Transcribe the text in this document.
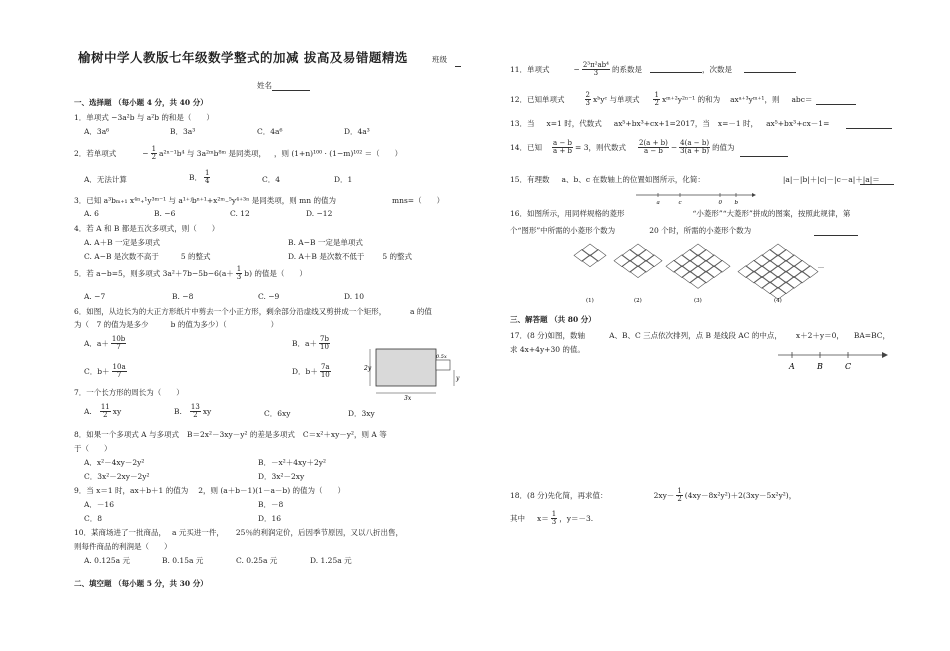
榆树中学人教版七年级数学整式的加减 拔高及易错题精选	班级
姓名
一、选择题 （每小题 4 分，共 40 分）
1．单项式 −3a²b 与 a²b 的和是（　　）
A．3a⁶	B．3a³	C．4a⁶	D．4a³
2．若单项式	− $\frac{1}{2} a^{2n-1}b^4$ 与 3a²ᵐb⁸ᵐ 是同类项， ，则 (1+n)¹⁰⁰ · (1−m)¹⁰² ＝（　　）
A．无法计算	B． $\frac{1}{4}$	C．4	D．1
3．已知 a³bₘ₊₁ x⁴ⁿ₊¹y³ᵐ⁻¹ 与 a¹⁺ʲbⁿ⁺¹+x²ᵐ₋⁵y⁴⁺³ⁿ 是同类项，则 mn 的值为	mns=（　　）
A. 6	B. −6	C. 12	D. −12
4．若 A 和 B 都是五次多项式，则（　　）
A. A＋B 一定是多项式	B. A−B 一定是单项式
C. A−B 是次数不高于	5 的整式	D. A＋B 是次数不低于 5 的整式
5．若 a−b=5，则多项式 $3a^2+7b-5b-6(a+ \frac{1}{3} b)$ 的值是（　　）
A. −7	B. −8	C. −9	D. 10
6．如图，从边长为的大正方形纸片中剪去一个小正方形，剩余部分沿虚线又剪拼成一个矩形，	a 的值
为（　7 的值为是多少	b 的值为多少）（	）
A．$a+ \frac{10b}{7}$	B．$a+ \frac{7b}{10}$
C．$b+ \frac{10a}{7}$	D．$b+ \frac{7a}{10}$	2y
0.5x
y
3x
7．一个长方形的周长为（　　）
A. $\frac{11}{2}$ xy	B. $\frac{13}{2}$ xy	C．6xy	D．3xy
8．如果一个多项式 A 与多项式 B＝2x²－3xy－y² 的差是多项式 C＝x²＋xy－y²，则 A 等
于（　　）
A．x²－4xy－2y²	B．－x²＋4xy＋2y²
C．3x²－2xy－2y²	D．3x²－2xy
9．当 x＝1 时，ax＋b＋1 的值为 2，则 (a＋b－1)(1－a－b) 的值为（　　）
A．－16	B．－8
C．8	D．16
10．某商场进了一批商品， a 元买进一件， 25％的利润定价，后因季节原因，又以八折出售，
则每件商品的利润是（　　）
A. 0.125a 元	B. 0.15a 元	C. 0.25a 元	D. 1.25a 元
二、填空题 （每小题 5 分，共 30 分）
11．单项式	− $\frac{\text{2³π²ab⁴}}{3}$ 的系数是	，次数是
12．已知单项式	$\frac{2}{3}$ xᵇyᶜ 与单项式 $\frac{1}{2}$ xᵐ⁺²y²ⁿ⁻¹ 的和为 axᵃ⁺³yᵐ⁺¹，则 abc＝
13．当 x=1 时，代数式 ax⁵+bx³+cx+1=2017，当 x=－1 时， ax⁵+bx³+cx－1=
14．已知 $\frac{a - b}{a + b} = 3$，则代数式 $\frac{2(a + b)}{a - b} - \frac{4(a - b)}{3(a + b)}$ 的值为
15．有理数 a、b、c 在数轴上的位置如图所示，化简：	|a|－|b|＋|c|－|c－a|＋|a|＝
a	c	0 b
16．如图所示，用同样规格的菱形	“小菱形”“大菱形”拼成的图案，按照此规律，第
个“图形”中所需的小菱形个数为	20 个时，所需的小菱形个数为
(1)	(2)	(3)	(4)
…
三、解答题 （共 80 分）
17．(8 分)如图，数轴	A、B、C 三点依次排列，点 B 是线段 AC 的中点， x＋2＋y＝0， BA=BC，
求 4x+4y+30 的值。
A	B	C
18．(8 分)先化简，再求值：	$2xy- \frac{1}{2} (4xy-8x^2y^2)+2(3xy-5x^2y^2)$，
其中 $x= \frac{1}{3}$ ，y＝－3.
